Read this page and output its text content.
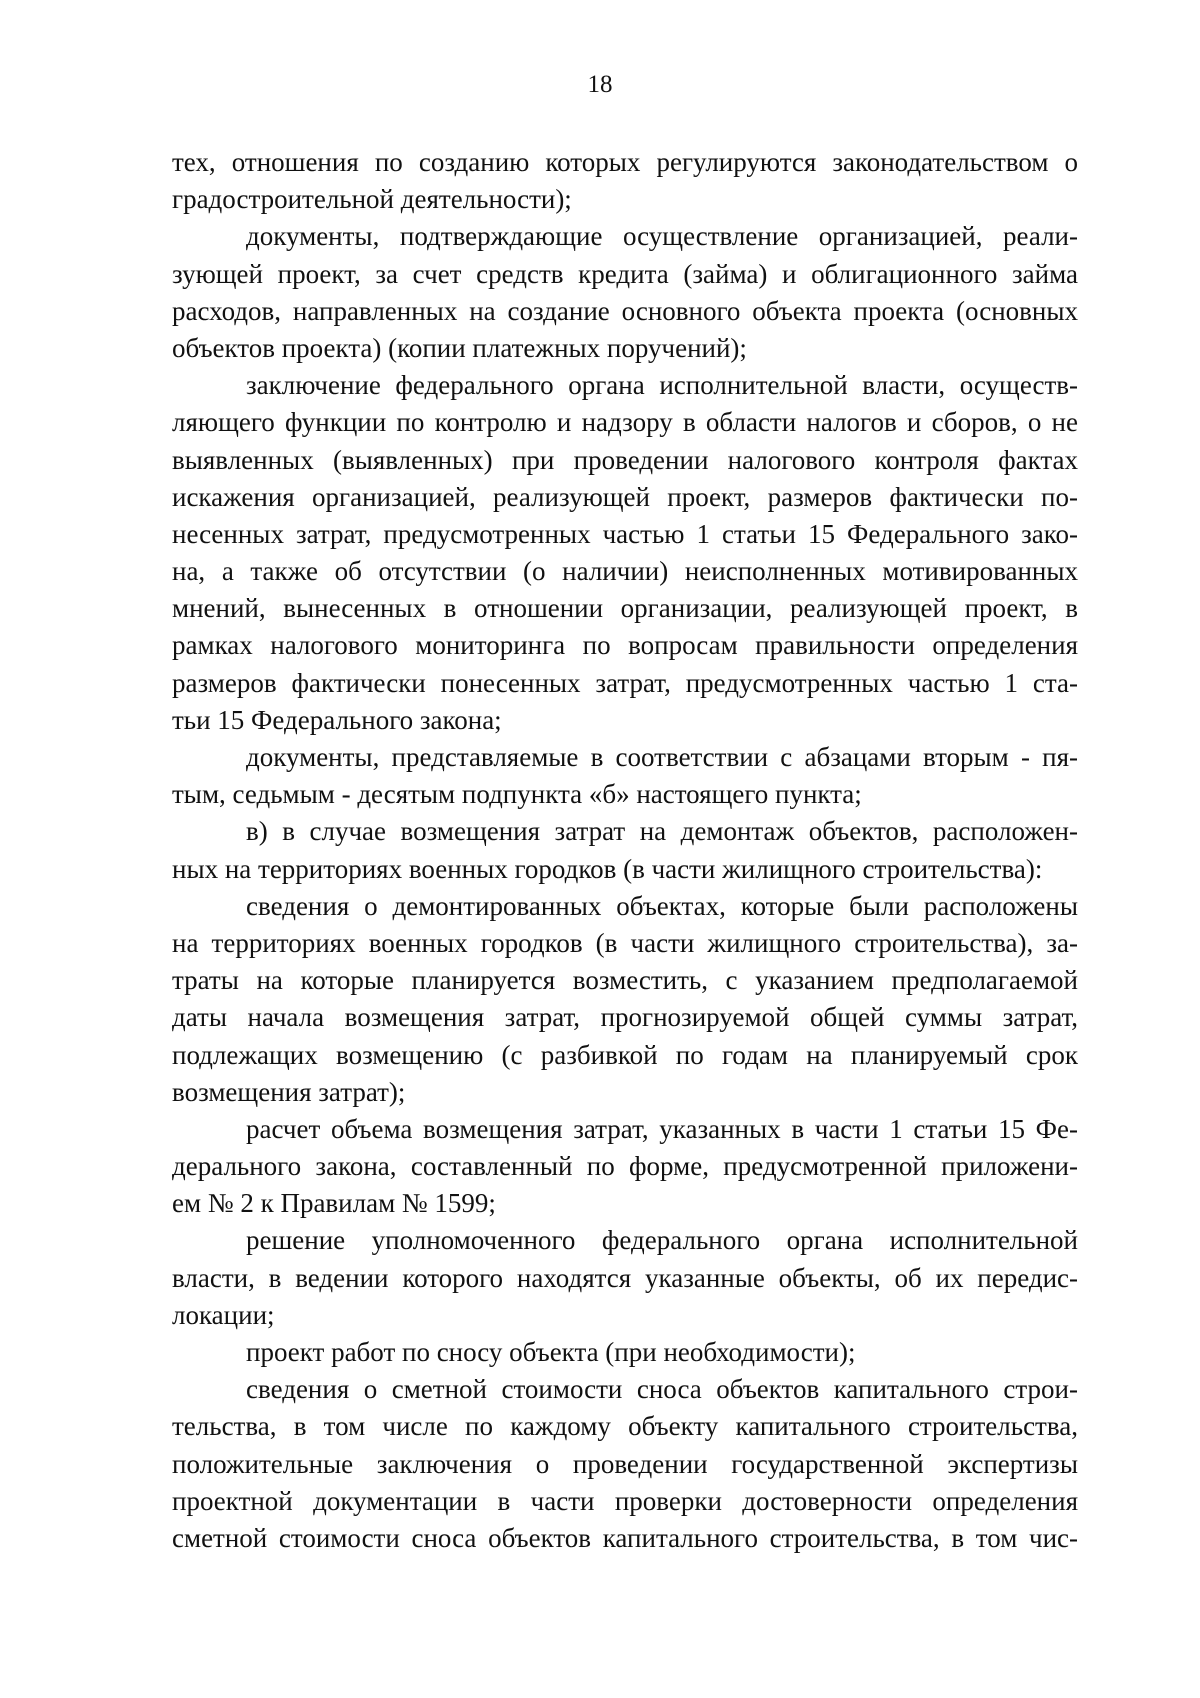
18
тех, отношения по созданию которых регулируются законодательством о
градостроительной деятельности);
документы, подтверждающие осуществление организацией, реали-
зующей проект, за счет средств кредита (займа) и облигационного займа
расходов, направленных на создание основного объекта проекта (основных
объектов проекта) (копии платежных поручений);
заключение федерального органа исполнительной власти, осуществ-
ляющего функции по контролю и надзору в области налогов и сборов, о не
выявленных (выявленных) при проведении налогового контроля фактах
искажения организацией, реализующей проект, размеров фактически по-
несенных затрат, предусмотренных частью 1 статьи 15 Федерального зако-
на, а также об отсутствии (о наличии) неисполненных мотивированных
мнений, вынесенных в отношении организации, реализующей проект, в
рамках налогового мониторинга по вопросам правильности определения
размеров фактически понесенных затрат, предусмотренных частью 1 ста-
тьи 15 Федерального закона;
документы, представляемые в соответствии с абзацами вторым - пя-
тым, седьмым - десятым подпункта «б» настоящего пункта;
в) в случае возмещения затрат на демонтаж объектов, расположен-
ных на территориях военных городков (в части жилищного строительства):
сведения о демонтированных объектах, которые были расположены
на территориях военных городков (в части жилищного строительства), за-
траты на которые планируется возместить, с указанием предполагаемой
даты начала возмещения затрат, прогнозируемой общей суммы затрат,
подлежащих возмещению (с разбивкой по годам на планируемый срок
возмещения затрат);
расчет объема возмещения затрат, указанных в части 1 статьи 15 Фе-
дерального закона, составленный по форме, предусмотренной приложени-
ем № 2 к Правилам № 1599;
решение уполномоченного федерального органа исполнительной
власти, в ведении которого находятся указанные объекты, об их передис-
локации;
проект работ по сносу объекта (при необходимости);
сведения о сметной стоимости сноса объектов капитального строи-
тельства, в том числе по каждому объекту капитального строительства,
положительные заключения о проведении государственной экспертизы
проектной документации в части проверки достоверности определения
сметной стоимости сноса объектов капитального строительства, в том чис-
